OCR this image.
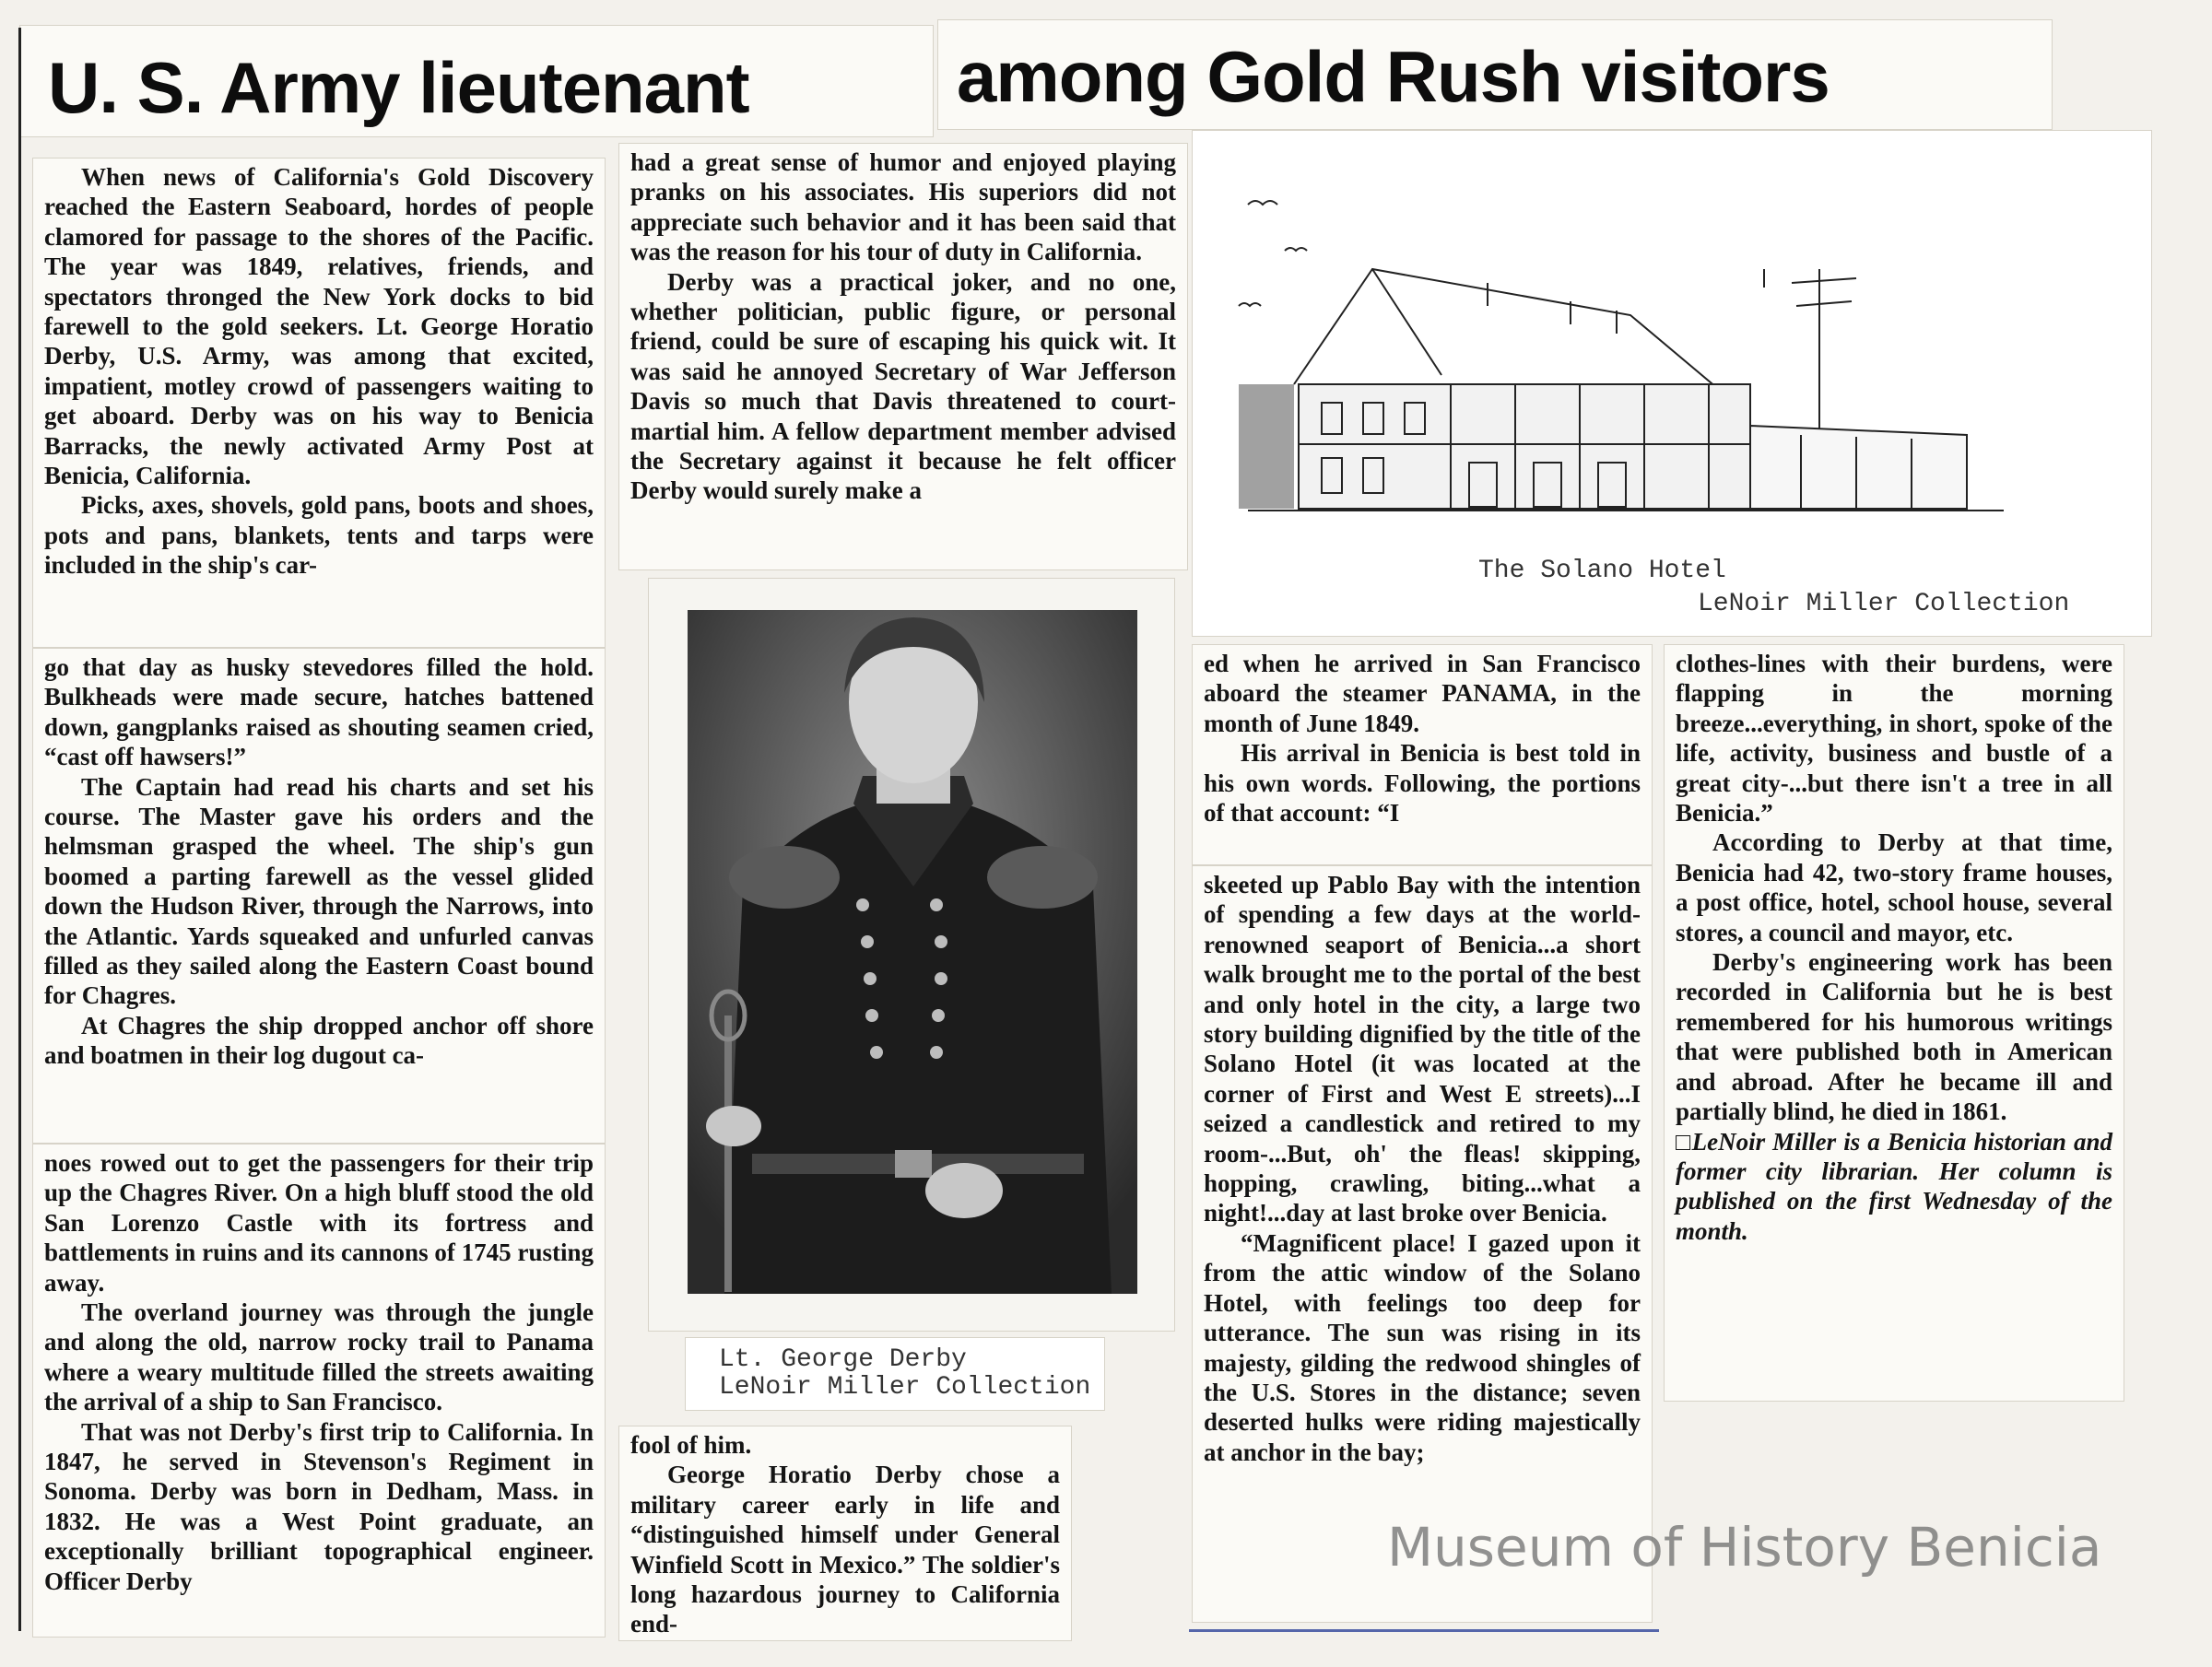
U. S. Army lieutenant	among Gold Rush visitors

When news of California's Gold Discovery reached the Eastern Seaboard, hordes of people clamored for passage to the shores of the Pacific. The year was 1849, relatives, friends, and spectators thronged the New York docks to bid farewell to the gold seekers. Lt. George Horatio Derby, U.S. Army, was among that excited, impatient, motley crowd of passengers waiting to get aboard. Derby was on his way to Benicia Barracks, the newly activated Army Post at Benicia, California.

Picks, axes, shovels, gold pans, boots and shoes, pots and pans, blankets, tents and tarps were included in the ship's car-

go that day as husky stevedores filled the hold. Bulkheads were made secure, hatches battened down, gangplanks raised as shouting seamen cried, “cast off hawsers!”

The Captain had read his charts and set his course. The Master gave his orders and the helmsman grasped the wheel. The ship's gun boomed a parting farewell as the vessel glided down the Hudson River, through the Narrows, into the Atlantic. Yards squeaked and unfurled canvas filled as they sailed along the Eastern Coast bound for Chagres.

At Chagres the ship dropped anchor off shore and boatmen in their log dugout ca-

noes rowed out to get the passengers for their trip up the Chagres River. On a high bluff stood the old San Lorenzo Castle with its fortress and battlements in ruins and its cannons of 1745 rusting away.

The overland journey was through the jungle and along the old, narrow rocky trail to Panama where a weary multitude filled the streets awaiting the arrival of a ship to San Francisco.

That was not Derby's first trip to California. In 1847, he served in Stevenson's Regiment in Sonoma. Derby was born in Dedham, Mass. in 1832. He was a West Point graduate, an exceptionally brilliant topographical engineer. Officer Derby

had a great sense of humor and enjoyed playing pranks on his associates. His superiors did not appreciate such behavior and it has been said that was the reason for his tour of duty in California.

Derby was a practical joker, and no one, whether politician, public figure, or personal friend, could be sure of escaping his quick wit. It was said he annoyed Secretary of War Jefferson Davis so much that Davis threatened to court-martial him. A fellow department member advised the Secretary against it because he felt officer Derby would surely make a

Lt. George Derby
LeNoir Miller Collection

fool of him.

George Horatio Derby chose a military career early in life and “distinguished himself under General Winfield Scott in Mexico.” The soldier's long hazardous journey to California end-

The Solano Hotel
LeNoir Miller Collection

ed when he arrived in San Francisco aboard the steamer PANAMA, in the month of June 1849.

His arrival in Benicia is best told in his own words. Following, the portions of that account: “I

skeeted up Pablo Bay with the intention of spending a few days at the world-renowned seaport of Benicia...a short walk brought me to the portal of the best and only hotel in the city, a large two story building dignified by the title of the Solano Hotel (it was located at the corner of First and West E streets)...I seized a candlestick and retired to my room-...But, oh' the fleas! skipping, hopping, crawling, biting...what a night!...day at last broke over Benicia.

“Magnificent place! I gazed upon it from the attic window of the Solano Hotel, with feelings too deep for utterance. The sun was rising in its majesty, gilding the redwood shingles of the U.S. Stores in the distance; seven deserted hulks were riding majestically at anchor in the bay;

clothes-lines with their burdens, were flapping in the morning breeze...everything, in short, spoke of the life, activity, business and bustle of a great city-...but there isn't a tree in all Benicia.”

According to Derby at that time, Benicia had 42, two-story frame houses, a post office, hotel, school house, several stores, a council and mayor, etc.

Derby's engineering work has been recorded in California but he is best remembered for his humorous writings that were published both in American and abroad. After he became ill and partially blind, he died in 1861.

□LeNoir Miller is a Benicia historian and former city librarian. Her column is published on the first Wednesday of the month.

Museum of History Benicia
